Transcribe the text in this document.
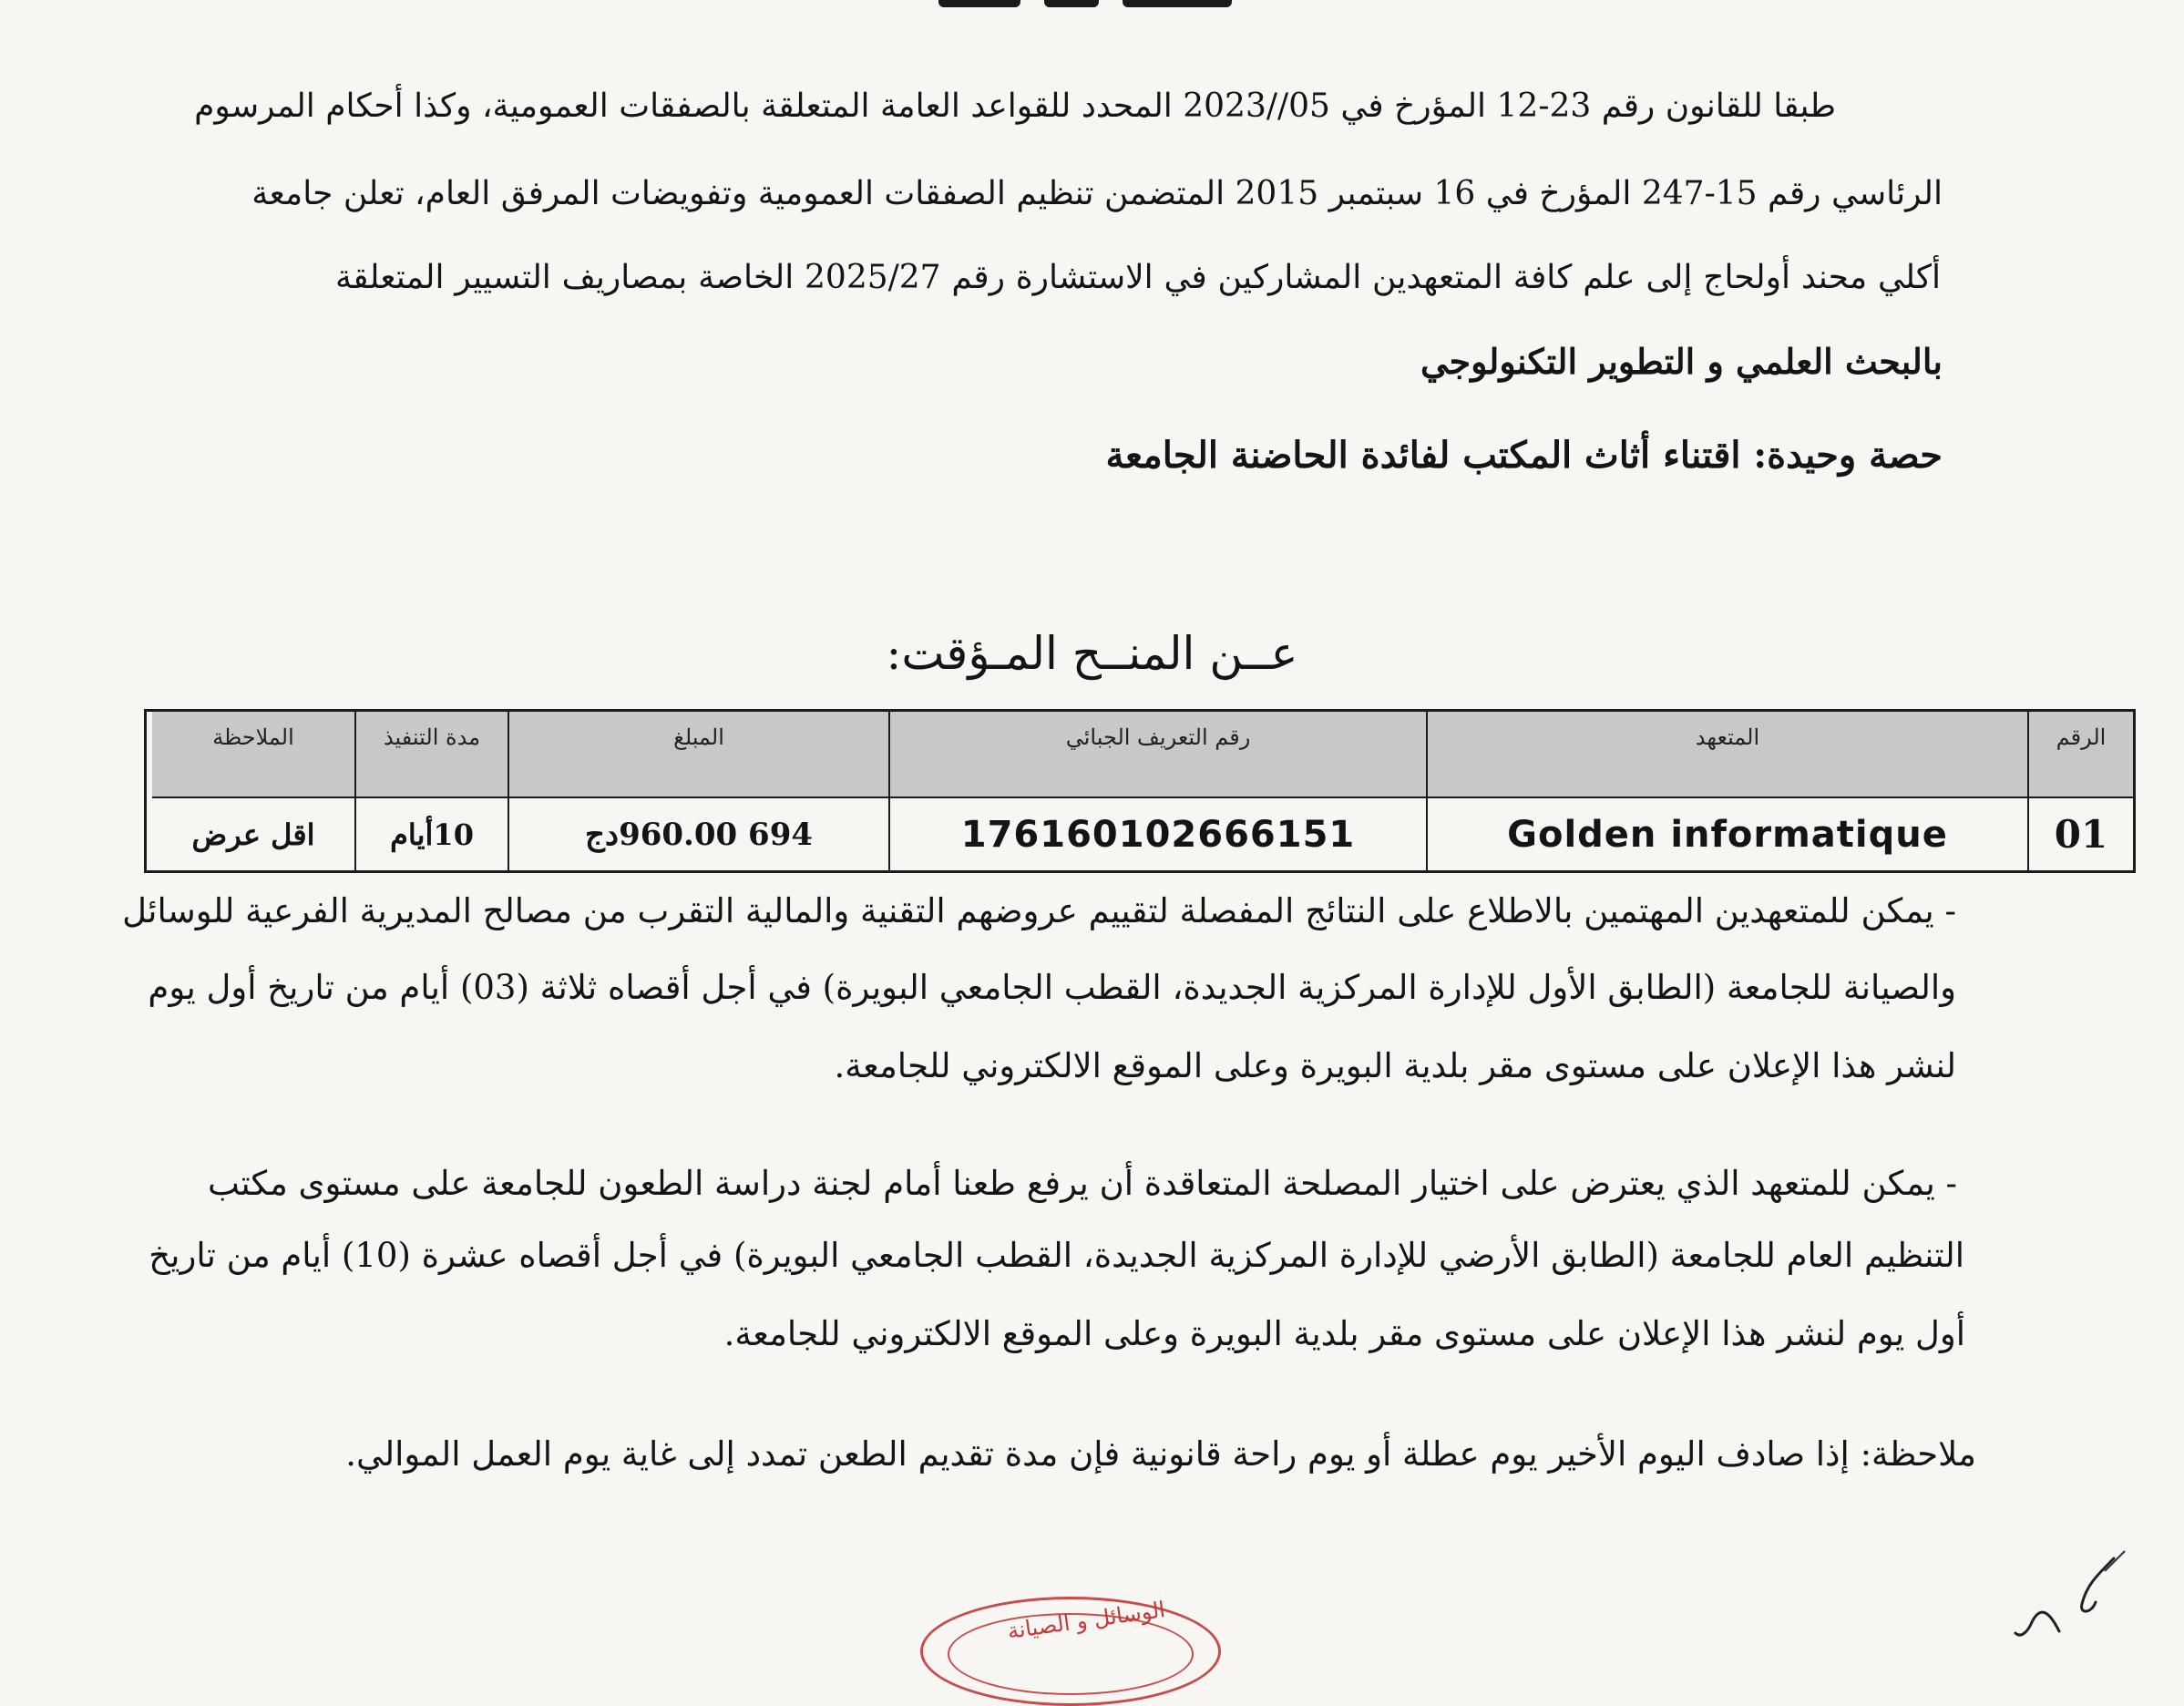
طبقا للقانون رقم 23-12 المؤرخ في 05//2023 المحدد للقواعد العامة المتعلقة بالصفقات العمومية، وكذا أحكام المرسوم
الرئاسي رقم 15-247 المؤرخ في 16 سبتمبر 2015 المتضمن تنظيم الصفقات العمومية وتفويضات المرفق العام، تعلن جامعة
أكلي محند أولحاج إلى علم كافة المتعهدين المشاركين في الاستشارة رقم 2025/27 الخاصة بمصاريف التسيير المتعلقة
بالبحث العلمي و التطوير التكنولوجي
حصة وحيدة: اقتناء أثاث المكتب لفائدة الحاضنة الجامعة
عــن المنــح المـؤقت:
الرقم
المتعهد
رقم التعريف الجبائي
المبلغ
مدة التنفيذ
الملاحظة
01
Golden informatique
176160102666151
694 960.00دج
10أيام
اقل عرض
- يمكن للمتعهدين المهتمين بالاطلاع على النتائج المفصلة لتقييم عروضهم التقنية والمالية التقرب من مصالح المديرية الفرعية للوسائل
والصيانة للجامعة (الطابق الأول للإدارة المركزية الجديدة، القطب الجامعي البويرة) في أجل أقصاه ثلاثة (03) أيام من تاريخ أول يوم
لنشر هذا الإعلان على مستوى مقر بلدية البويرة وعلى الموقع الالكتروني للجامعة.
- يمكن للمتعهد الذي يعترض على اختيار المصلحة المتعاقدة أن يرفع طعنا أمام لجنة دراسة الطعون للجامعة على مستوى مكتب
التنظيم العام للجامعة (الطابق الأرضي للإدارة المركزية الجديدة، القطب الجامعي البويرة) في أجل أقصاه عشرة (10) أيام من تاريخ
أول يوم لنشر هذا الإعلان على مستوى مقر بلدية البويرة وعلى الموقع الالكتروني للجامعة.
ملاحظة: إذا صادف اليوم الأخير يوم عطلة أو يوم راحة قانونية فإن مدة تقديم الطعن تمدد إلى غاية يوم العمل الموالي.
الوسائل و الصيانة
